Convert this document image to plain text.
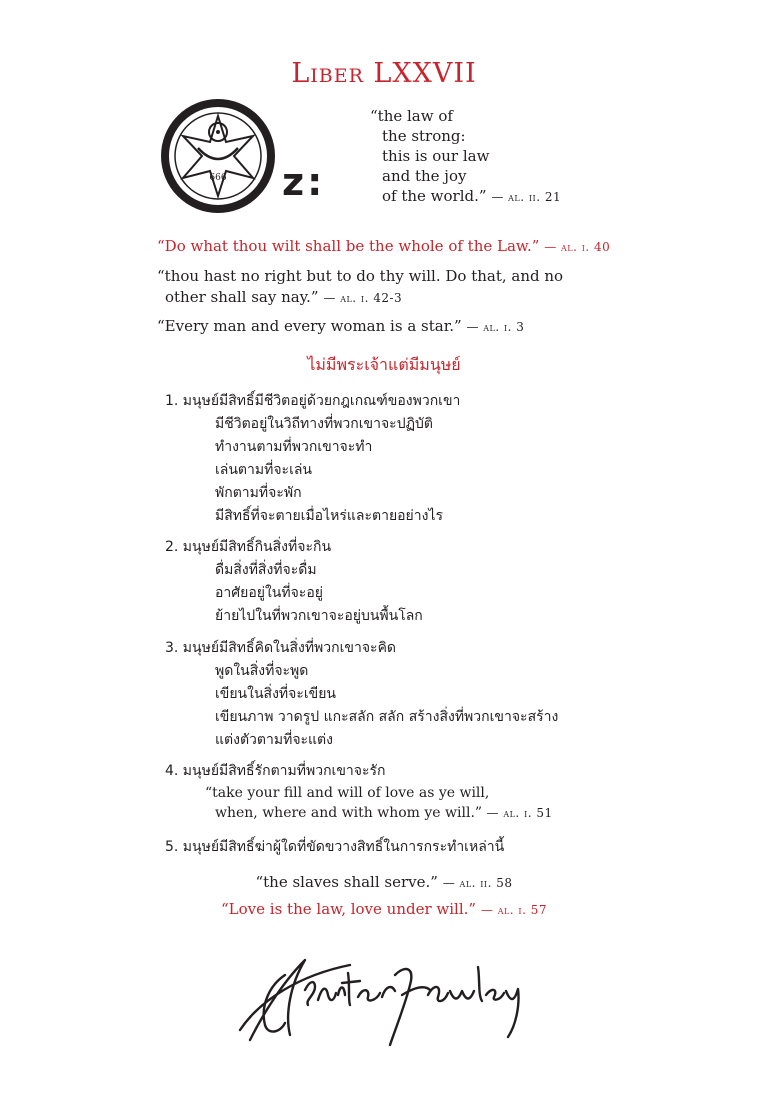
Liber LXXVII
666 z:
“the law of
the strong:
this is our law
and the joy
of the world.” — al. ii. 21
“Do what thou wilt shall be the whole of the Law.” — al. i. 40
“thou hast no right but to do thy will. Do that, and no
other shall say nay.” — al. i. 42-3
“Every man and every woman is a star.” — al. i. 3
ไม่มีพระเจ้าแต่มีมนุษย์
1. มนุษย์มีสิทธิ์มีชีวิตอยู่ด้วยกฎเกณฑ์ของพวกเขา
มีชีวิตอยู่ในวิถีทางที่พวกเขาจะปฏิบัติ
ทำงานตามที่พวกเขาจะทำ
เล่นตามที่จะเล่น
พักตามที่จะพัก
มีสิทธิ์ที่จะตายเมื่อไหร่และตายอย่างไร
2. มนุษย์มีสิทธิ์กินสิ่งที่จะกิน
ดื่มสิ่งที่สิ่งที่จะดื่ม
อาศัยอยู่ในที่จะอยู่
ย้ายไปในที่พวกเขาจะอยู่บนพื้นโลก
3. มนุษย์มีสิทธิ์คิดในสิ่งที่พวกเขาจะคิด
พูดในสิ่งที่จะพูด
เขียนในสิ่งที่จะเขียน
เขียนภาพ วาดรูป แกะสลัก สลัก สร้างสิ่งที่พวกเขาจะสร้าง
แต่งตัวตามที่จะแต่ง
4. มนุษย์มีสิทธิ์รักตามที่พวกเขาจะรัก
“take your fill and will of love as ye will,
when, where and with whom ye will.” — al. i. 51
5. มนุษย์มีสิทธิ์ฆ่าผู้ใดที่ขัดขวางสิทธิ์ในการกระทำเหล่านี้
“the slaves shall serve.” — al. ii. 58
“Love is the law, love under will.” — al. i. 57
